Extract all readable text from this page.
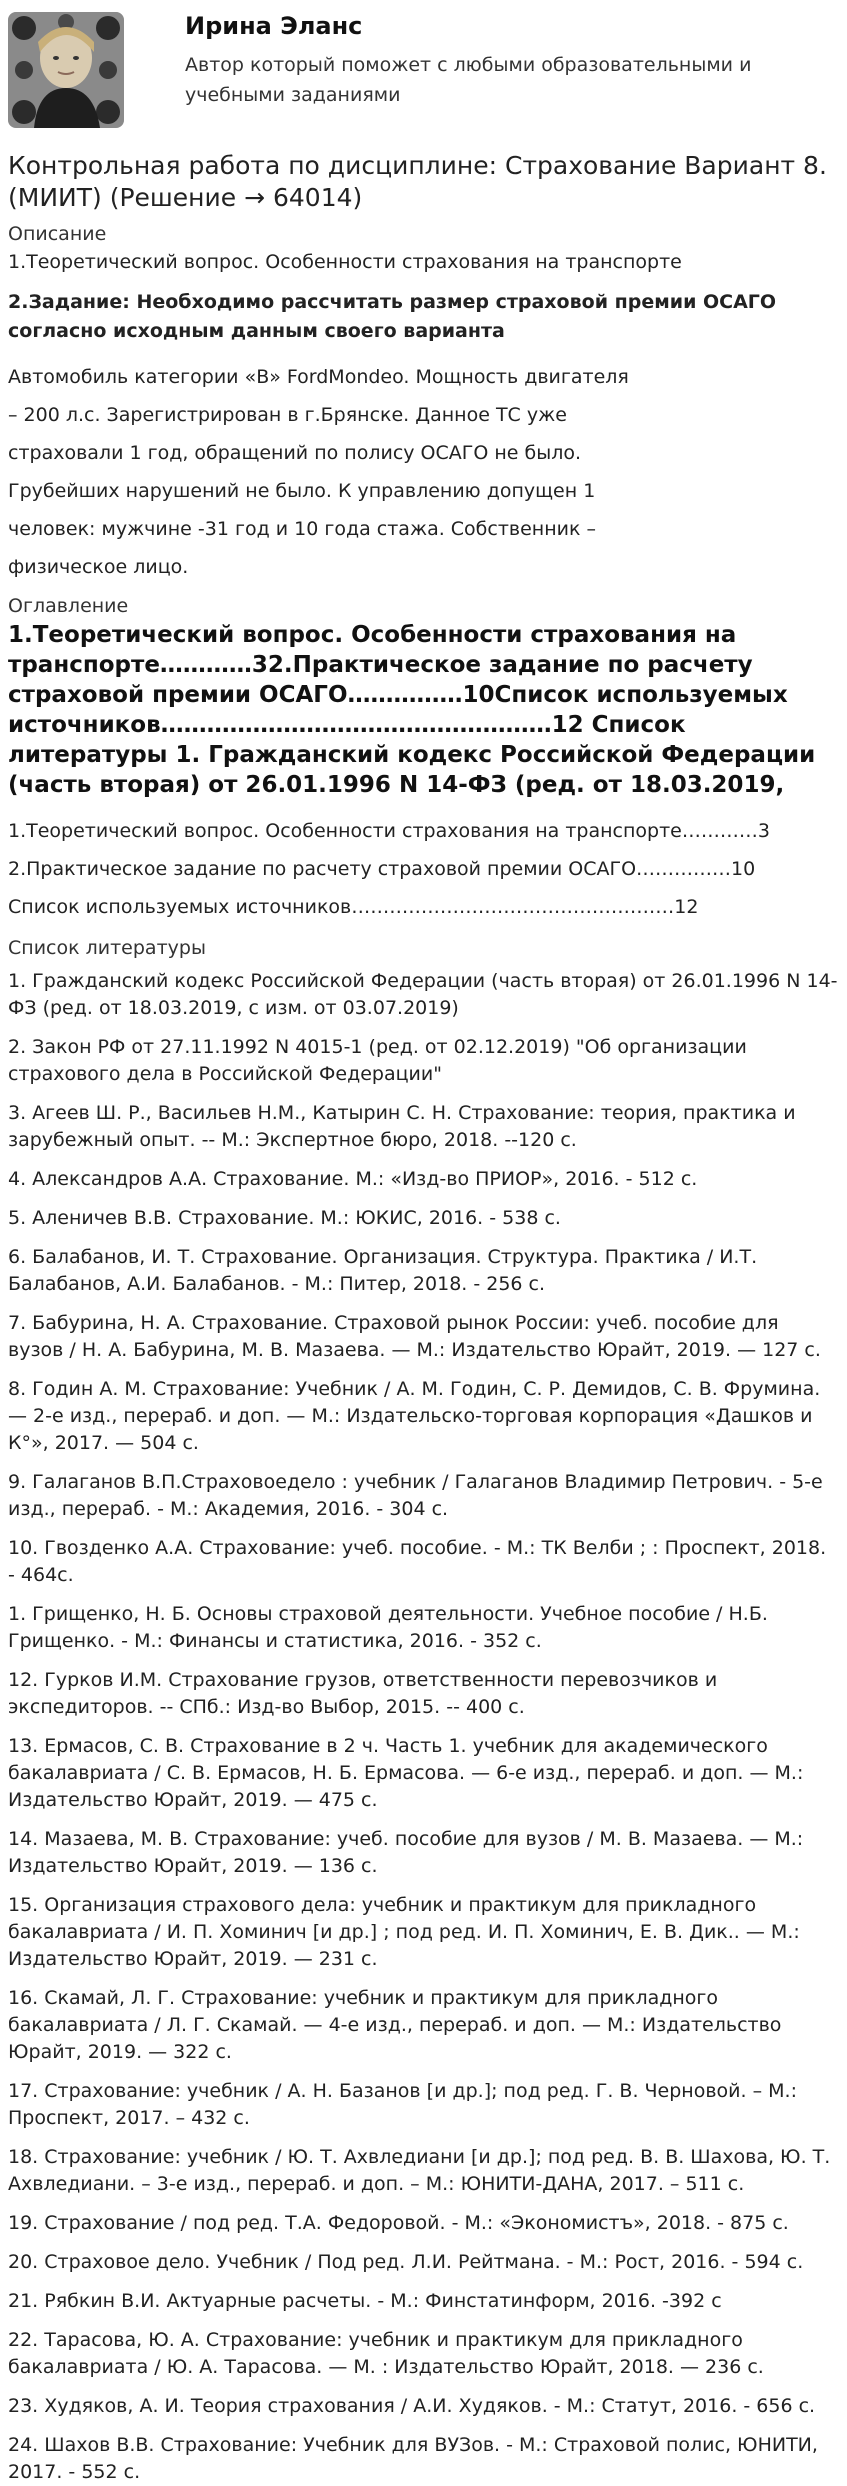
Ирина Эланс
Автор который поможет с любыми образовательными и учебными заданиями
Контрольная работа по дисциплине: Страхование Вариант 8. (МИИТ) (Решение → 64014)
Описание

1.Теоретический вопрос. Особенности страхования на транспорте

2.Задание: Необходимо рассчитать размер страховой премии ОСАГО согласно исходным данным своего варианта

Автомобиль категории «В» FordMondeo. Мощность двигателя
– 200 л.с. Зарегистрирован в г.Брянске. Данное ТС уже
страховали 1 год, обращений по полису ОСАГО не было.
Грубейших нарушений не было. К управлению допущен 1
человек: мужчине -31 год и 10 года стажа. Собственник –
физическое лицо.
Оглавление
1.Теоретический вопрос. Особенности страхования на транспорте…………32.Практическое задание по расчету страховой премии ОСАГО……………10Список используемых источников……………………………………………12 Список литературы 1. Гражданский кодекс Российской Федерации (часть вторая) от 26.01.1996 N 14-ФЗ (ред. от 18.03.2019,
1.Теоретический вопрос. Особенности страхования на транспорте…………3
2.Практическое задание по расчету страховой премии ОСАГО……………10
Список используемых источников……………………………………………12
Список литературы
1. Гражданский кодекс Российской Федерации (часть вторая) от 26.01.1996 N 14-ФЗ (ред. от 18.03.2019, с изм. от 03.07.2019)
2. Закон РФ от 27.11.1992 N 4015-1 (ред. от 02.12.2019) "Об организации страхового дела в Российской Федерации"
3. Агеев Ш. Р., Васильев Н.М., Катырин С. Н. Страхование: теория, практика и зарубежный опыт. -- М.: Экспертное бюро, 2018. --120 с.
4. Александров А.А. Страхование. М.: «Изд-во ПРИОР», 2016. - 512 с.
5. Аленичев В.В. Страхование. М.: ЮКИС, 2016. - 538 с.
6. Балабанов, И. Т. Страхование. Организация. Структура. Практика / И.Т. Балабанов, А.И. Балабанов. - М.: Питер, 2018. - 256 с.
7. Бабурина, Н. А. Страхование. Страховой рынок России: учеб. пособие для вузов / Н. А. Бабурина, М. В. Мазаева. — М.: Издательство Юрайт, 2019. — 127 с.
8. Годин А. М. Страхование: Учебник / А. М. Годин, С. Р. Демидов, С. В. Фрумина. — 2-е изд., перераб. и доп. — М.: Издательско-торговая корпорация «Дашков и К°», 2017. — 504 с.
9. Галаганов В.П.Страховоедело : учебник / Галаганов Владимир Петрович. - 5-е изд., перераб. - М.: Академия, 2016. - 304 с.
10. Гвозденко А.А. Страхование: учеб. пособие. - М.: ТК Велби ; : Проспект, 2018. - 464с.
1. Грищенко, Н. Б. Основы страховой деятельности. Учебное пособие / Н.Б. Грищенко. - М.: Финансы и статистика, 2016. - 352 с.
12. Гурков И.М. Страхование грузов, ответственности перевозчиков и экспедиторов. -- СПб.: Изд-во Выбор, 2015. -- 400 с.
13. Ермасов, С. В. Страхование в 2 ч. Часть 1. учебник для академического бакалавриата / С. В. Ермасов, Н. Б. Ермасова. — 6-е изд., перераб. и доп. — М.: Издательство Юрайт, 2019. — 475 с.
14. Мазаева, М. В. Страхование: учеб. пособие для вузов / М. В. Мазаева. — М.: Издательство Юрайт, 2019. — 136 с.
15. Организация страхового дела: учебник и практикум для прикладного бакалавриата / И. П. Хоминич [и др.] ; под ред. И. П. Хоминич, Е. В. Дик.. — М.: Издательство Юрайт, 2019. — 231 с.
16. Скамай, Л. Г. Страхование: учебник и практикум для прикладного бакалавриата / Л. Г. Скамай. — 4-е изд., перераб. и доп. — М.: Издательство Юрайт, 2019. — 322 с.
17. Страхование: учебник / А. Н. Базанов [и др.]; под ред. Г. В. Черновой. – М.: Проспект, 2017. – 432 с.
18. Страхование: учебник / Ю. Т. Ахвледиани [и др.]; под ред. В. В. Шахова, Ю. Т. Ахвледиани. – 3-е изд., перераб. и доп. – М.: ЮНИТИ-ДАНА, 2017. – 511 с.
19. Страхование / под ред. Т.А. Федоровой. - М.: «Экономистъ», 2018. - 875 с.
20. Страховое дело. Учебник / Под ред. Л.И. Рейтмана. - М.: Рост, 2016. - 594 с.
21. Рябкин В.И. Актуарные расчеты. - М.: Финстатинформ, 2016. -392 с
22. Тарасова, Ю. А. Страхование: учебник и практикум для прикладного бакалавриата / Ю. А. Тарасова. — М. : Издательство Юрайт, 2018. — 236 с.
23. Худяков, А. И. Теория страхования / А.И. Худяков. - М.: Статут, 2016. - 656 с.
24. Шахов В.В. Страхование: Учебник для ВУЗов. - М.: Страховой полис, ЮНИТИ, 2017. - 552 с.
